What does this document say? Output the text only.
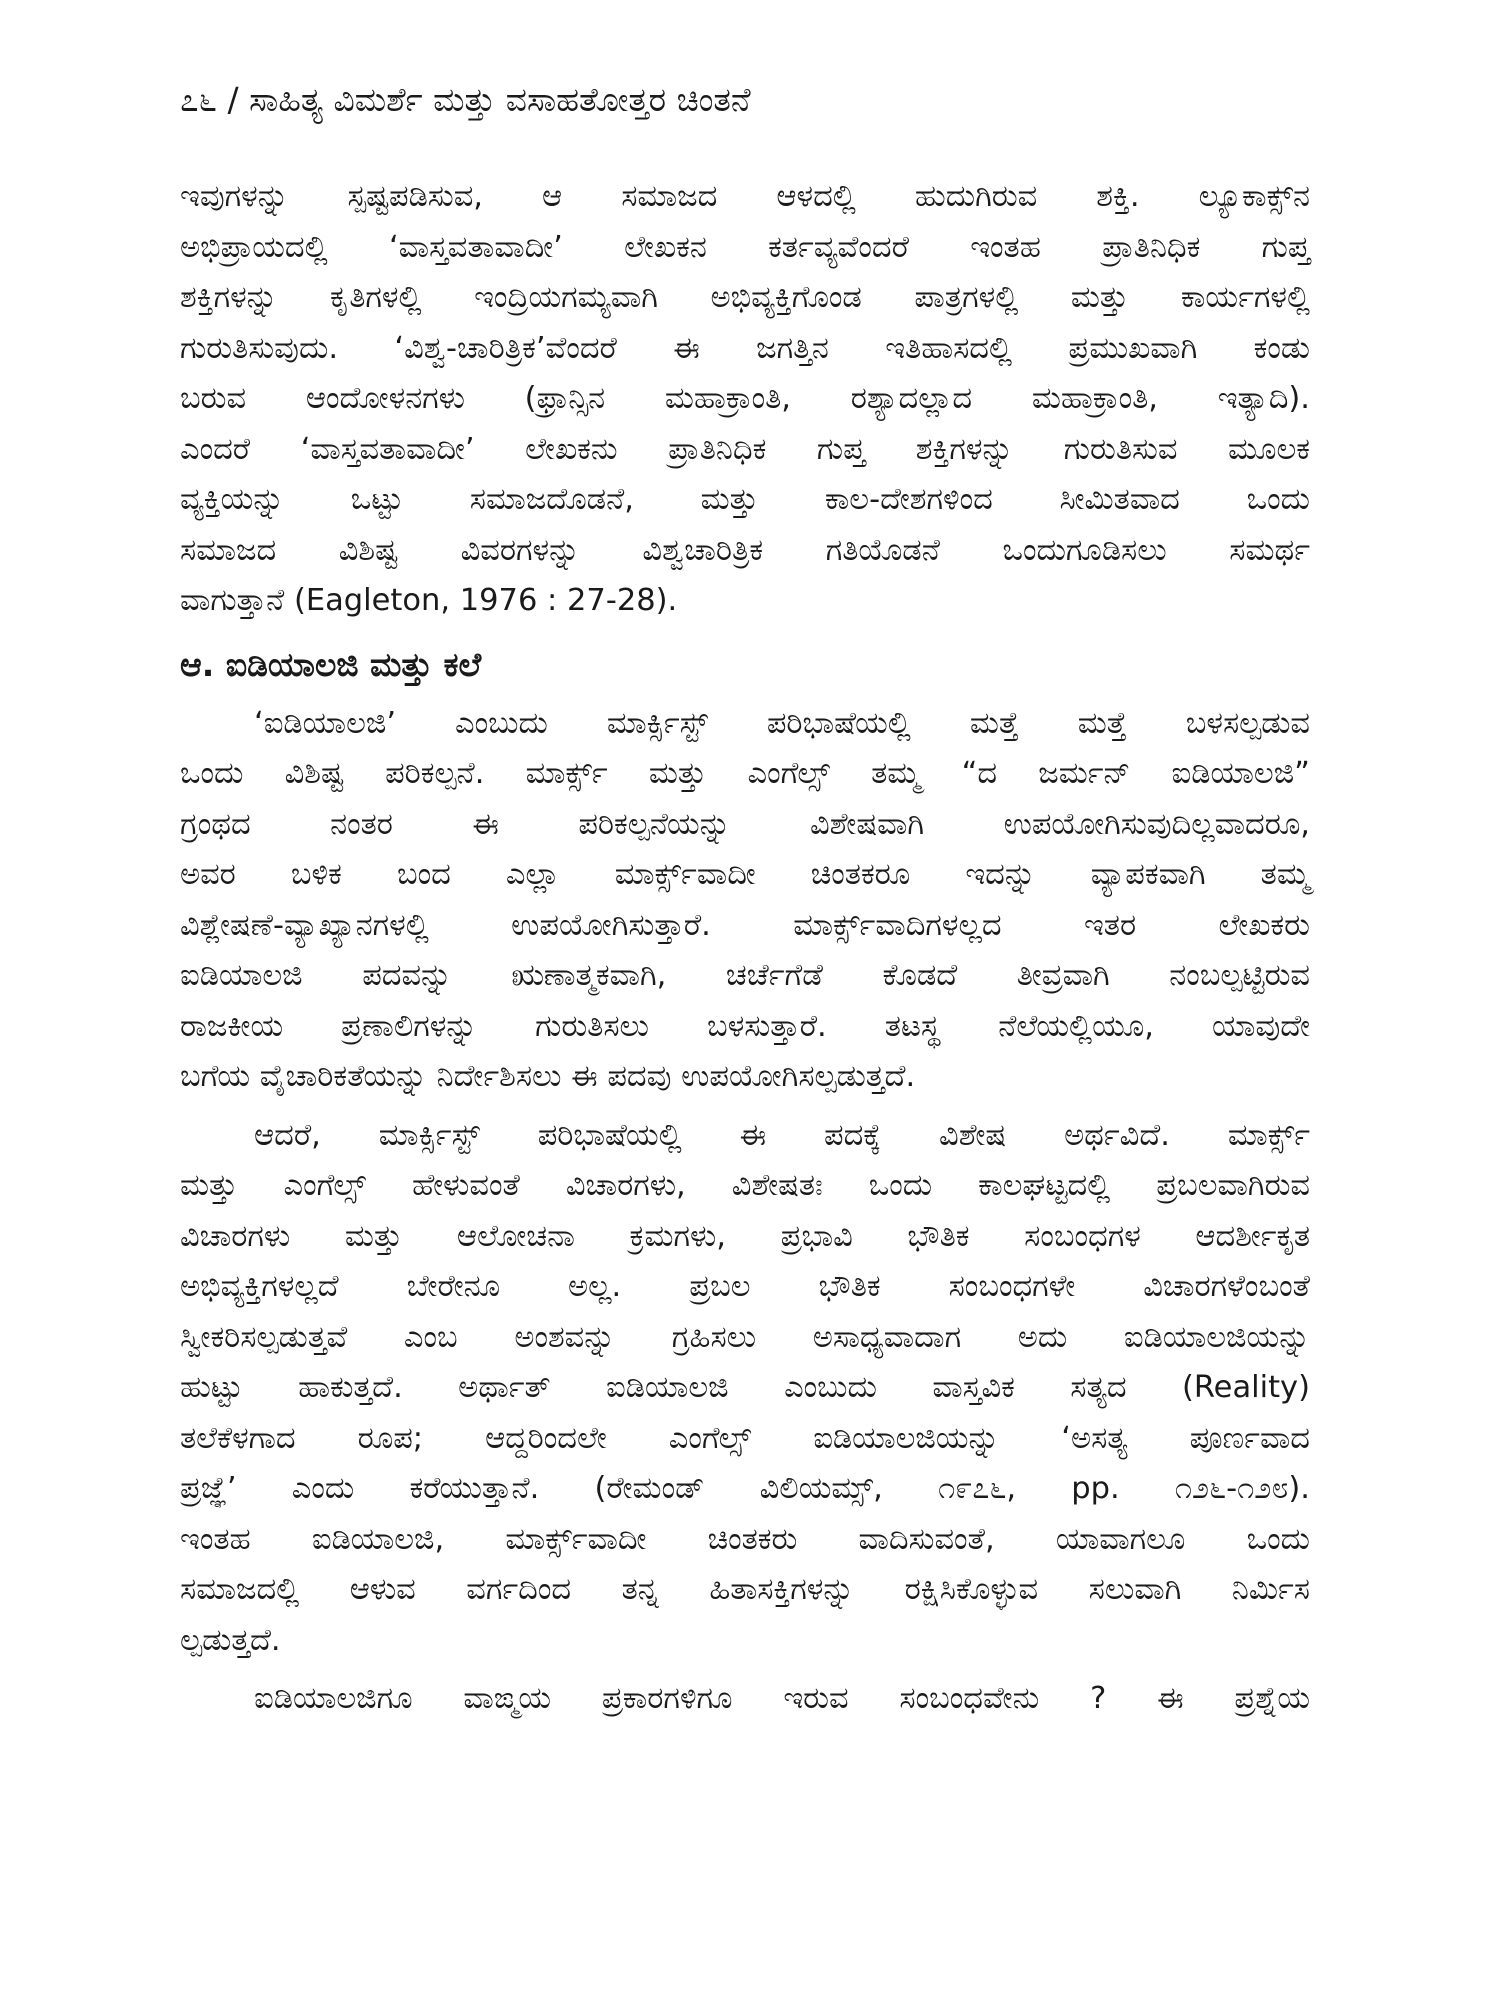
೭೬ / ಸಾಹಿತ್ಯ ವಿಮರ್ಶೆ ಮತ್ತು ವಸಾಹತೋತ್ತರ ಚಿಂತನೆ
ಇವುಗಳನ್ನು ಸ್ಪಷ್ಟಪಡಿಸುವ, ಆ ಸಮಾಜದ ಆಳದಲ್ಲಿ ಹುದುಗಿರುವ ಶಕ್ತಿ. ಲ್ಯೂಕಾಕ್ಸ್‌ನ
ಅಭಿಪ್ರಾಯದಲ್ಲಿ ‘ವಾಸ್ತವತಾವಾದೀ’ ಲೇಖಕನ ಕರ್ತವ್ಯವೆಂದರೆ ಇಂತಹ ಪ್ರಾತಿನಿಧಿಕ ಗುಪ್ತ
ಶಕ್ತಿಗಳನ್ನು ಕೃತಿಗಳಲ್ಲಿ ಇಂದ್ರಿಯಗಮ್ಯವಾಗಿ ಅಭಿವ್ಯಕ್ತಿಗೊಂಡ ಪಾತ್ರಗಳಲ್ಲಿ ಮತ್ತು ಕಾರ್ಯಗಳಲ್ಲಿ
ಗುರುತಿಸುವುದು. ‘ವಿಶ್ವ-ಚಾರಿತ್ರಿಕ’ವೆಂದರೆ ಈ ಜಗತ್ತಿನ ಇತಿಹಾಸದಲ್ಲಿ ಪ್ರಮುಖವಾಗಿ ಕಂಡು
ಬರುವ ಆಂದೋಳನಗಳು (ಫ್ರಾನ್ಸಿನ ಮಹಾಕ್ರಾಂತಿ, ರಶ್ಯಾದಲ್ಲಾದ ಮಹಾಕ್ರಾಂತಿ, ಇತ್ಯಾದಿ).
ಎಂದರೆ ‘ವಾಸ್ತವತಾವಾದೀ’ ಲೇಖಕನು ಪ್ರಾತಿನಿಧಿಕ ಗುಪ್ತ ಶಕ್ತಿಗಳನ್ನು ಗುರುತಿಸುವ ಮೂಲಕ
ವ್ಯಕ್ತಿಯನ್ನು ಒಟ್ಟು ಸಮಾಜದೊಡನೆ, ಮತ್ತು ಕಾಲ-ದೇಶಗಳಿಂದ ಸೀಮಿತವಾದ ಒಂದು
ಸಮಾಜದ ವಿಶಿಷ್ಟ ವಿವರಗಳನ್ನು ವಿಶ್ವಚಾರಿತ್ರಿಕ ಗತಿಯೊಡನೆ ಒಂದುಗೂಡಿಸಲು ಸಮರ್ಥ
ವಾಗುತ್ತಾನೆ (Eagleton, 1976 : 27-28).
ಆ. ಐಡಿಯಾಲಜಿ ಮತ್ತು ಕಲೆ
‘ಐಡಿಯಾಲಜಿ’ ಎಂಬುದು ಮಾರ್ಕ್ಸಿಸ್ಟ್ ಪರಿಭಾಷೆಯಲ್ಲಿ ಮತ್ತೆ ಮತ್ತೆ ಬಳಸಲ್ಪಡುವ
ಒಂದು ವಿಶಿಷ್ಟ ಪರಿಕಲ್ಪನೆ. ಮಾರ್ಕ್ಸ್ ಮತ್ತು ಎಂಗೆಲ್ಸ್ ತಮ್ಮ “ದ ಜರ್ಮನ್ ಐಡಿಯಾಲಜಿ”
ಗ್ರಂಥದ ನಂತರ ಈ ಪರಿಕಲ್ಪನೆಯನ್ನು ವಿಶೇಷವಾಗಿ ಉಪಯೋಗಿಸುವುದಿಲ್ಲವಾದರೂ,
ಅವರ ಬಳಿಕ ಬಂದ ಎಲ್ಲಾ ಮಾರ್ಕ್ಸ್‌ವಾದೀ ಚಿಂತಕರೂ ಇದನ್ನು ವ್ಯಾಪಕವಾಗಿ ತಮ್ಮ
ವಿಶ್ಲೇಷಣೆ-ವ್ಯಾಖ್ಯಾನಗಳಲ್ಲಿ ಉಪಯೋಗಿಸುತ್ತಾರೆ. ಮಾರ್ಕ್ಸ್‌ವಾದಿಗಳಲ್ಲದ ಇತರ ಲೇಖಕರು
ಐಡಿಯಾಲಜಿ ಪದವನ್ನು ಋಣಾತ್ಮಕವಾಗಿ, ಚರ್ಚೆಗೆಡೆ ಕೊಡದೆ ತೀವ್ರವಾಗಿ ನಂಬಲ್ಪಟ್ಟಿರುವ
ರಾಜಕೀಯ ಪ್ರಣಾಲಿಗಳನ್ನು ಗುರುತಿಸಲು ಬಳಸುತ್ತಾರೆ. ತಟಸ್ಥ ನೆಲೆಯಲ್ಲಿಯೂ, ಯಾವುದೇ
ಬಗೆಯ ವೈಚಾರಿಕತೆಯನ್ನು ನಿರ್ದೇಶಿಸಲು ಈ ಪದವು ಉಪಯೋಗಿಸಲ್ಪಡುತ್ತದೆ.
ಆದರೆ, ಮಾರ್ಕ್ಸಿಸ್ಟ್ ಪರಿಭಾಷೆಯಲ್ಲಿ ಈ ಪದಕ್ಕೆ ವಿಶೇಷ ಅರ್ಥವಿದೆ. ಮಾರ್ಕ್ಸ್
ಮತ್ತು ಎಂಗೆಲ್ಸ್ ಹೇಳುವಂತೆ ವಿಚಾರಗಳು, ವಿಶೇಷತಃ ಒಂದು ಕಾಲಘಟ್ಟದಲ್ಲಿ ಪ್ರಬಲವಾಗಿರುವ
ವಿಚಾರಗಳು ಮತ್ತು ಆಲೋಚನಾ ಕ್ರಮಗಳು, ಪ್ರಭಾವಿ ಭೌತಿಕ ಸಂಬಂಧಗಳ ಆದರ್ಶೀಕೃತ
ಅಭಿವ್ಯಕ್ತಿಗಳಲ್ಲದೆ ಬೇರೇನೂ ಅಲ್ಲ. ಪ್ರಬಲ ಭೌತಿಕ ಸಂಬಂಧಗಳೇ ವಿಚಾರಗಳೆಂಬಂತೆ
ಸ್ವೀಕರಿಸಲ್ಪಡುತ್ತವೆ ಎಂಬ ಅಂಶವನ್ನು ಗ್ರಹಿಸಲು ಅಸಾಧ್ಯವಾದಾಗ ಅದು ಐಡಿಯಾಲಜಿಯನ್ನು
ಹುಟ್ಟು ಹಾಕುತ್ತದೆ. ಅರ್ಥಾತ್ ಐಡಿಯಾಲಜಿ ಎಂಬುದು ವಾಸ್ತವಿಕ ಸತ್ಯದ (Reality)
ತಲೆಕೆಳಗಾದ ರೂಪ; ಆದ್ದರಿಂದಲೇ ಎಂಗೆಲ್ಸ್ ಐಡಿಯಾಲಜಿಯನ್ನು ‘ಅಸತ್ಯ ಪೂರ್ಣವಾದ
ಪ್ರಜ್ಞೆ’ ಎಂದು ಕರೆಯುತ್ತಾನೆ. (ರೇಮಂಡ್ ವಿಲಿಯಮ್ಸ್, ೧೯೭೬, pp. ೧೨೬-೧೨೮).
ಇಂತಹ ಐಡಿಯಾಲಜಿ, ಮಾರ್ಕ್ಸ್‌ವಾದೀ ಚಿಂತಕರು ವಾದಿಸುವಂತೆ, ಯಾವಾಗಲೂ ಒಂದು
ಸಮಾಜದಲ್ಲಿ ಆಳುವ ವರ್ಗದಿಂದ ತನ್ನ ಹಿತಾಸಕ್ತಿಗಳನ್ನು ರಕ್ಷಿಸಿಕೊಳ್ಳುವ ಸಲುವಾಗಿ ನಿರ್ಮಿಸ
ಲ್ಪಡುತ್ತದೆ.
ಐಡಿಯಾಲಜಿಗೂ ವಾಙ್ಮಯ ಪ್ರಕಾರಗಳಿಗೂ ಇರುವ ಸಂಬಂಧವೇನು ? ಈ ಪ್ರಶ್ನೆಯ
